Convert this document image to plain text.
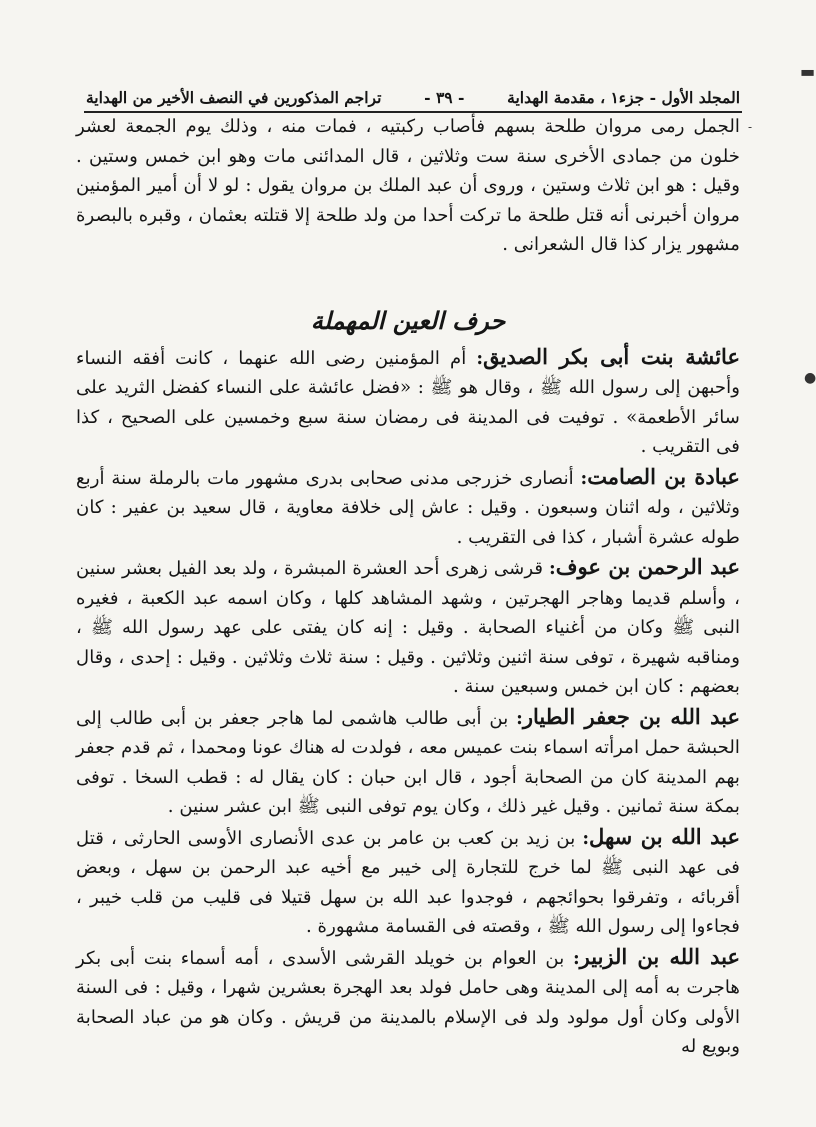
المجلد الأول - جزء١ ، مقدمة الهداية
- ٣٩ -
تراجم المذكورين في النصف الأخير من الهداية

الجمل رمى مروان طلحة بسهم فأصاب ركبتيه ، فمات منه ، وذلك يوم الجمعة لعشر خلون من جمادى الأخرى سنة ست وثلاثين ، قال المدائنى مات وهو ابن خمس وستين . وقيل : هو ابن ثلاث وستين ، وروى أن عبد الملك بن مروان يقول : لو لا أن أمير المؤمنين مروان أخبرنى أنه قتل طلحة ما تركت أحدا من ولد طلحة إلا قتلته بعثمان ، وقبره بالبصرة مشهور يزار كذا قال الشعرانى .

حرف العين المهملة

عائشة بنت أبى بكر الصديق: أم المؤمنين رضى الله عنهما ، كانت أفقه النساء وأحبهن إلى رسول الله ﷺ ، وقال هو ﷺ : «فضل عائشة على النساء كفضل الثريد على سائر الأطعمة» . توفيت فى المدينة فى رمضان سنة سبع وخمسين على الصحيح ، كذا فى التقريب .

عبادة بن الصامت: أنصارى خزرجى مدنى صحابى بدرى مشهور مات بالرملة سنة أربع وثلاثين ، وله اثنان وسبعون . وقيل : عاش إلى خلافة معاوية ، قال سعيد بن عفير : كان طوله عشرة أشبار ، كذا فى التقريب .

عبد الرحمن بن عوف: قرشى زهرى أحد العشرة المبشرة ، ولد بعد الفيل بعشر سنين ، وأسلم قديما وهاجر الهجرتين ، وشهد المشاهد كلها ، وكان اسمه عبد الكعبة ، فغيره النبى ﷺ وكان من أغنياء الصحابة . وقيل : إنه كان يفتى على عهد رسول الله ﷺ ، ومناقبه شهيرة ، توفى سنة اثنين وثلاثين . وقيل : سنة ثلاث وثلاثين . وقيل : إحدى ، وقال بعضهم : كان ابن خمس وسبعين سنة .

عبد الله بن جعفر الطيار: بن أبى طالب هاشمى لما هاجر جعفر بن أبى طالب إلى الحبشة حمل امرأته اسماء بنت عميس معه ، فولدت له هناك عونا ومحمدا ، ثم قدم جعفر بهم المدينة كان من الصحابة أجود ، قال ابن حبان : كان يقال له : قطب السخا . توفى بمكة سنة ثمانين . وقيل غير ذلك ، وكان يوم توفى النبى ﷺ ابن عشر سنين .

عبد الله بن سهل: بن زيد بن كعب بن عامر بن عدى الأنصارى الأوسى الحارثى ، قتل فى عهد النبى ﷺ لما خرج للتجارة إلى خيبر مع أخيه عبد الرحمن بن سهل ، وبعض أقربائه ، وتفرقوا بحوائجهم ، فوجدوا عبد الله بن سهل قتيلا فى قليب من قلب خيبر ، فجاءوا إلى رسول الله ﷺ ، وقصته فى القسامة مشهورة .

عبد الله بن الزبير: بن العوام بن خويلد القرشى الأسدى ، أمه أسماء بنت أبى بكر هاجرت به أمه إلى المدينة وهى حامل فولد بعد الهجرة بعشرين شهرا ، وقيل : فى السنة الأولى وكان أول مولود ولد فى الإسلام بالمدينة من قريش . وكان هو من عباد الصحابة وبويع له

-
▬
●
